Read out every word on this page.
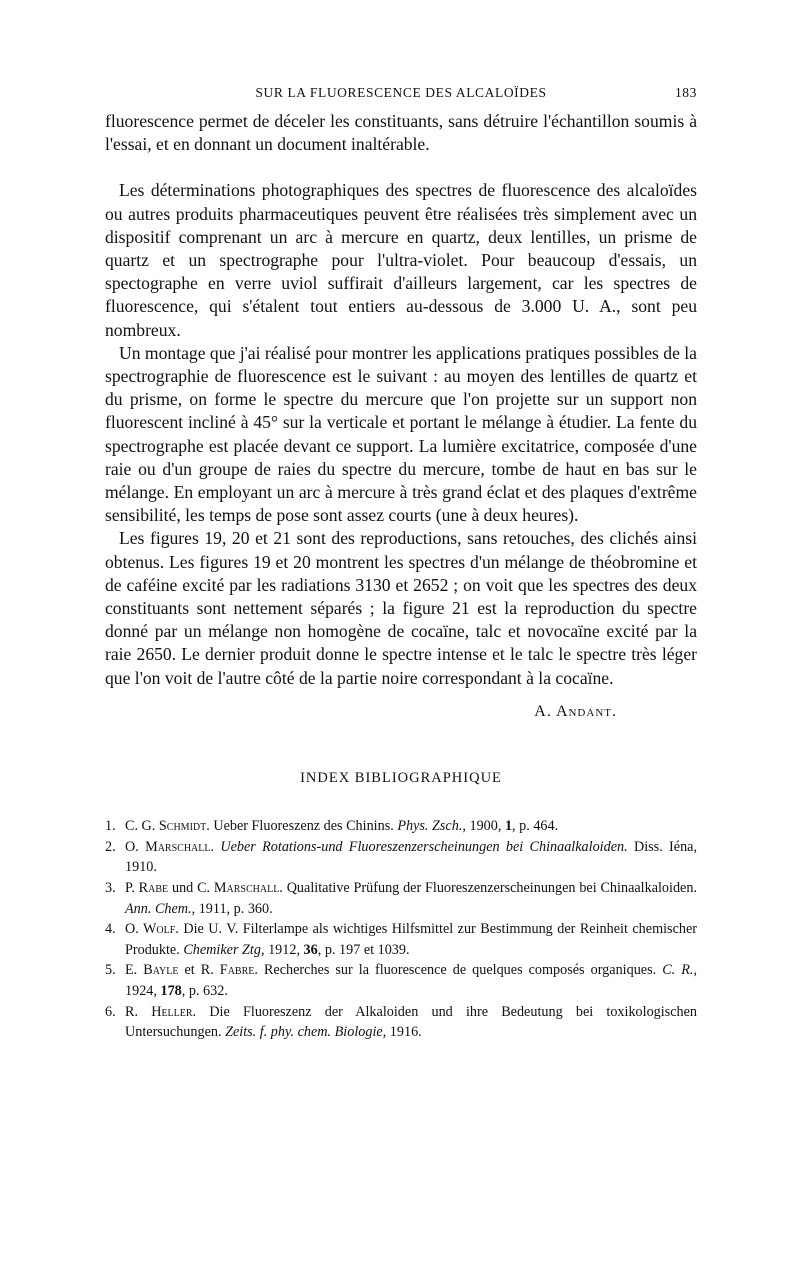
SUR LA FLUORESCENCE DES ALCALOÏDES	183

fluorescence permet de déceler les constituants, sans détruire l'échantillon soumis à l'essai, et en donnant un document inaltérable.

Les déterminations photographiques des spectres de fluorescence des alcaloïdes ou autres produits pharmaceutiques peuvent être réalisées très simplement avec un dispositif comprenant un arc à mercure en quartz, deux lentilles, un prisme de quartz et un spectrographe pour l'ultra-violet. Pour beaucoup d'essais, un spectographe en verre uviol suffirait d'ailleurs largement, car les spectres de fluorescence, qui s'étalent tout entiers au-dessous de 3.000 U. A., sont peu nombreux.

Un montage que j'ai réalisé pour montrer les applications pratiques possibles de la spectrographie de fluorescence est le suivant : au moyen des lentilles de quartz et du prisme, on forme le spectre du mercure que l'on projette sur un support non fluorescent incliné à 45° sur la verticale et portant le mélange à étudier. La fente du spectrographe est placée devant ce support. La lumière excitatrice, composée d'une raie ou d'un groupe de raies du spectre du mercure, tombe de haut en bas sur le mélange. En employant un arc à mercure à très grand éclat et des plaques d'extrême sensibilité, les temps de pose sont assez courts (une à deux heures).

Les figures 19, 20 et 21 sont des reproductions, sans retouches, des clichés ainsi obtenus. Les figures 19 et 20 montrent les spectres d'un mélange de théobromine et de caféine excité par les radiations 3130 et 2652 ; on voit que les spectres des deux constituants sont nettement séparés ; la figure 21 est la reproduction du spectre donné par un mélange non homogène de cocaïne, talc et novocaïne excité par la raie 2650. Le dernier produit donne le spectre intense et le talc le spectre très léger que l'on voit de l'autre côté de la partie noire correspondant à la cocaïne.

A. Andant.
INDEX BIBLIOGRAPHIQUE
1. C. G. Schmidt. Ueber Fluoreszenz des Chinins. Phys. Zsch., 1900, 1, p. 464.
2. O. Marschall. Ueber Rotations-und Fluoreszenzerscheinungen bei Chinaalkaloiden. Diss. Iéna, 1910.
3. P. Rabe und C. Marschall. Qualitative Prüfung der Fluoreszenzerscheinungen bei Chinaalkaloiden. Ann. Chem., 1911, p. 360.
4. O. Wolf. Die U. V. Filterlampe als wichtiges Hilfsmittel zur Bestimmung der Reinheit chemischer Produkte. Chemiker Ztg, 1912, 36, p. 197 et 1039.
5. E. Bayle et R. Fabre. Recherches sur la fluorescence de quelques composés organiques. C. R., 1924, 178, p. 632.
6. R. Heller. Die Fluoreszenz der Alkaloiden und ihre Bedeutung bei toxikologischen Untersuchungen. Zeits. f. phy. chem. Biologie, 1916.
